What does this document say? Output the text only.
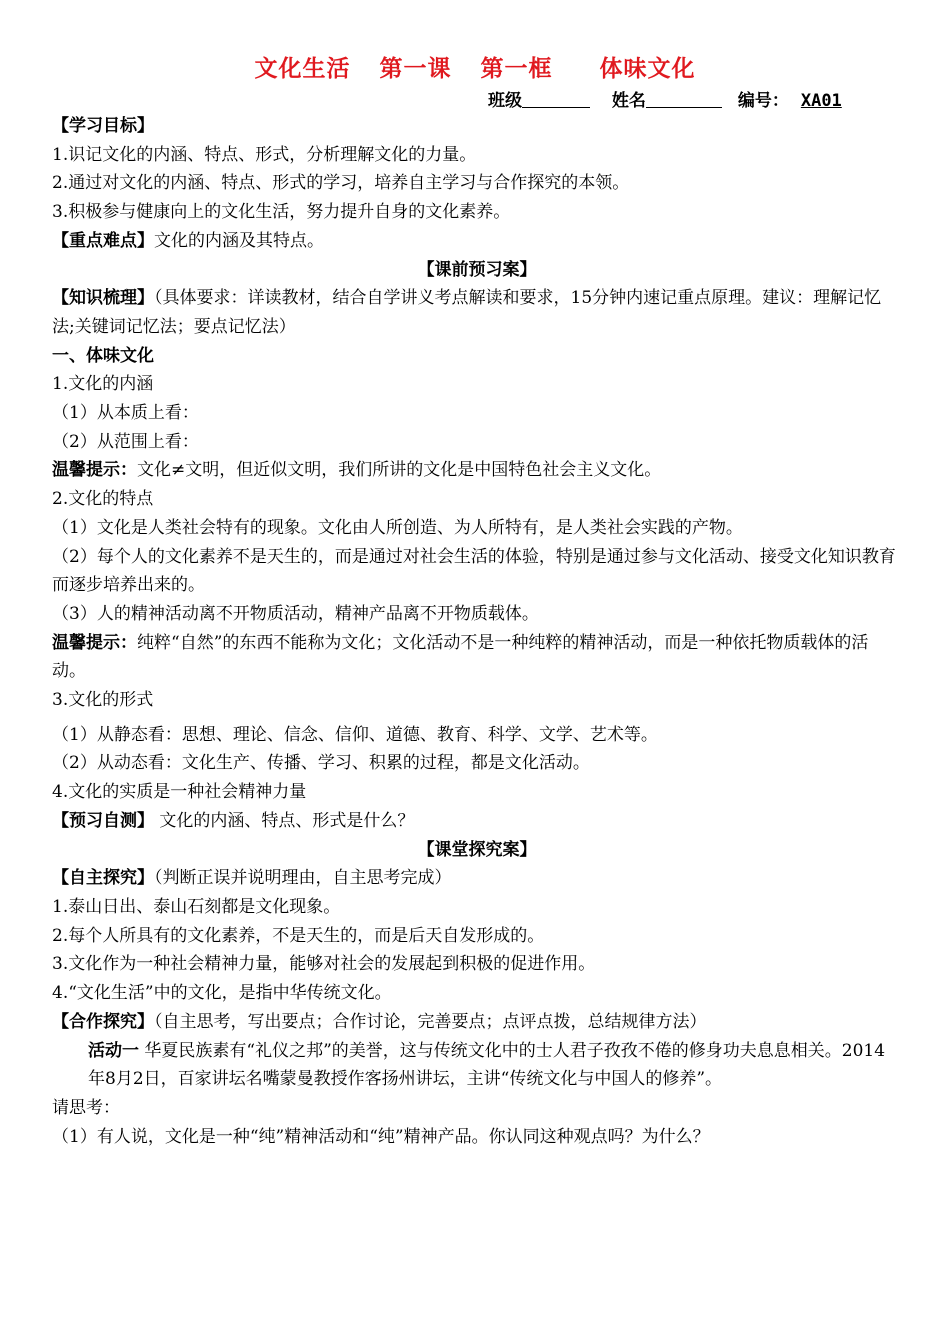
文化生活 第一课 第一框 体味文化
班级	姓名	编号： XA01
【学习目标】
1.识记文化的内涵、特点、形式，分析理解文化的力量。
2.通过对文化的内涵、特点、形式的学习，培养自主学习与合作探究的本领。
3.积极参与健康向上的文化生活，努力提升自身的文化素养。
【重点难点】文化的内涵及其特点。
【课前预习案】
【知识梳理】（具体要求：详读教材，结合自学讲义考点解读和要求，15分钟内速记重点原理。建议：理解记忆法;关键词记忆法；要点记忆法）
一、体味文化
1.文化的内涵
（1）从本质上看：
（2）从范围上看：
温馨提示：文化≠文明，但近似文明，我们所讲的文化是中国特色社会主义文化。
2.文化的特点
（1）文化是人类社会特有的现象。文化由人所创造、为人所特有，是人类社会实践的产物。
（2）每个人的文化素养不是天生的，而是通过对社会生活的体验，特别是通过参与文化活动、接受文化知识教育而逐步培养出来的。
（3）人的精神活动离不开物质活动，精神产品离不开物质载体。
温馨提示：纯粹“自然”的东西不能称为文化；文化活动不是一种纯粹的精神活动，而是一种依托物质载体的活动。
3.文化的形式
（1）从静态看：思想、理论、信念、信仰、道德、教育、科学、文学、艺术等。
（2）从动态看：文化生产、传播、学习、积累的过程，都是文化活动。
4.文化的实质是一种社会精神力量
【预习自测】 文化的内涵、特点、形式是什么？
【课堂探究案】
【自主探究】（判断正误并说明理由，自主思考完成）
1.泰山日出、泰山石刻都是文化现象。
2.每个人所具有的文化素养，不是天生的，而是后天自发形成的。
3.文化作为一种社会精神力量，能够对社会的发展起到积极的促进作用。
4.“文化生活”中的文化，是指中华传统文化。
【合作探究】（自主思考，写出要点；合作讨论，完善要点；点评点拨，总结规律方法）
活动一 华夏民族素有“礼仪之邦”的美誉，这与传统文化中的士人君子孜孜不倦的修身功夫息息相关。2014年8月2日，百家讲坛名嘴蒙曼教授作客扬州讲坛，主讲“传统文化与中国人的修养”。
请思考：
（1）有人说，文化是一种“纯”精神活动和“纯”精神产品。你认同这种观点吗？为什么？
